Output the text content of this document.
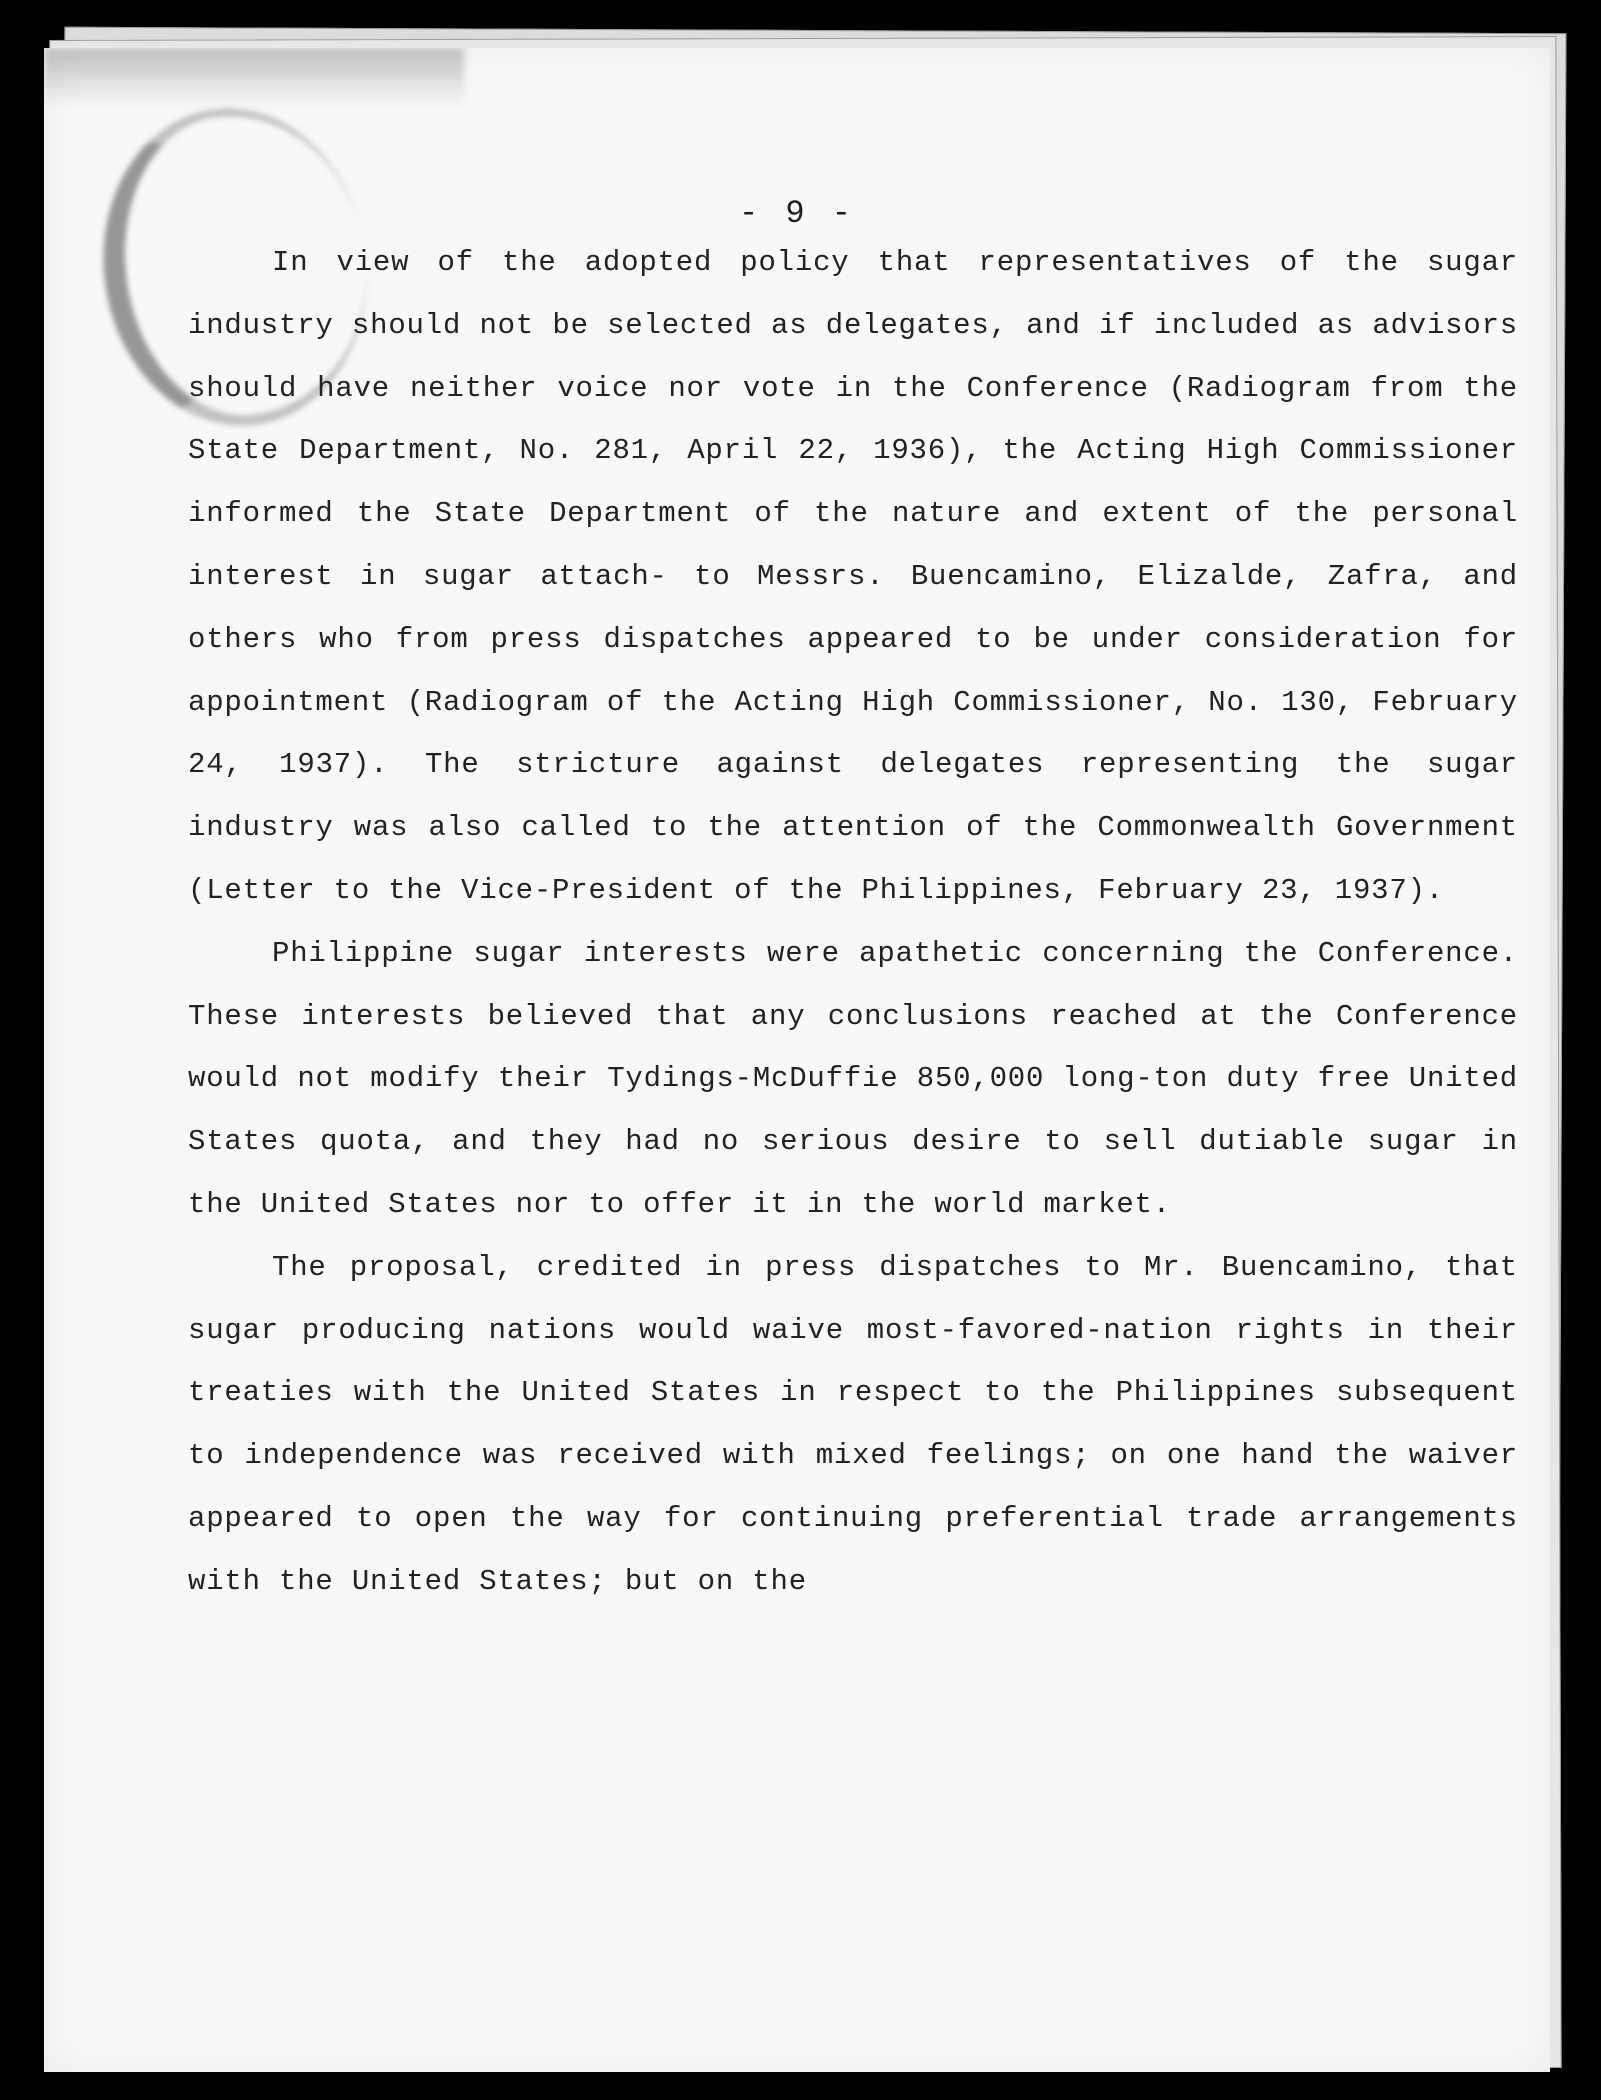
- 9 -

In view of the adopted policy that representatives of the sugar industry should not be selected as delegates, and if included as advisors should have neither voice nor vote in the Conference (Radiogram from the State Department, No. 281, April 22, 1936), the Acting High Commissioner informed the State Department of the nature and extent of the personal interest in sugar attach- to Messrs. Buencamino, Elizalde, Zafra, and others who from press dispatches appeared to be under consideration for appointment (Radiogram of the Acting High Commissioner, No. 130, February 24, 1937). The stricture against delegates representing the sugar industry was also called to the attention of the Commonwealth Government (Letter to the Vice-President of the Philippines, February 23, 1937).

Philippine sugar interests were apathetic concerning the Conference. These interests believed that any conclusions reached at the Conference would not modify their Tydings-McDuffie 850,000 long-ton duty free United States quota, and they had no serious desire to sell dutiable sugar in the United States nor to offer it in the world market.

The proposal, credited in press dispatches to Mr. Buencamino, that sugar producing nations would waive most-favored-nation rights in their treaties with the United States in respect to the Philippines subsequent to independence was received with mixed feelings; on one hand the waiver appeared to open the way for continuing preferential trade arrangements with the United States; but on the
